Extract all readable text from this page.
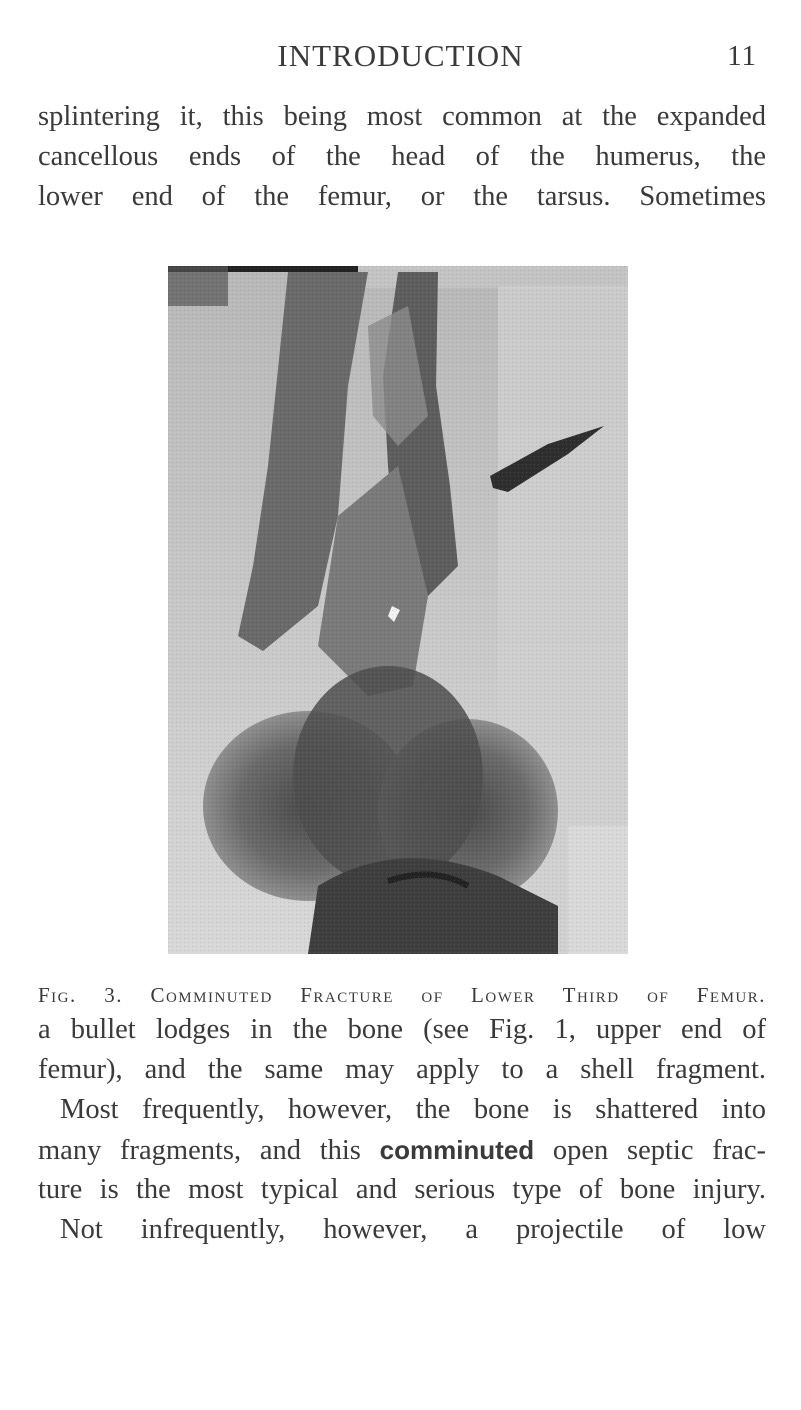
INTRODUCTION	11
splintering it, this being most common at the expanded
cancellous ends of the head of the humerus, the
lower end of the femur, or the tarsus. Sometimes
Fig. 3. Comminuted Fracture of Lower Third of Femur.
a bullet lodges in the bone (see Fig. 1, upper end of
femur), and the same may apply to a shell fragment.
Most frequently, however, the bone is shattered into
many fragments, and this comminuted open septic frac-
ture is the most typical and serious type of bone injury.
Not infrequently, however, a projectile of low
